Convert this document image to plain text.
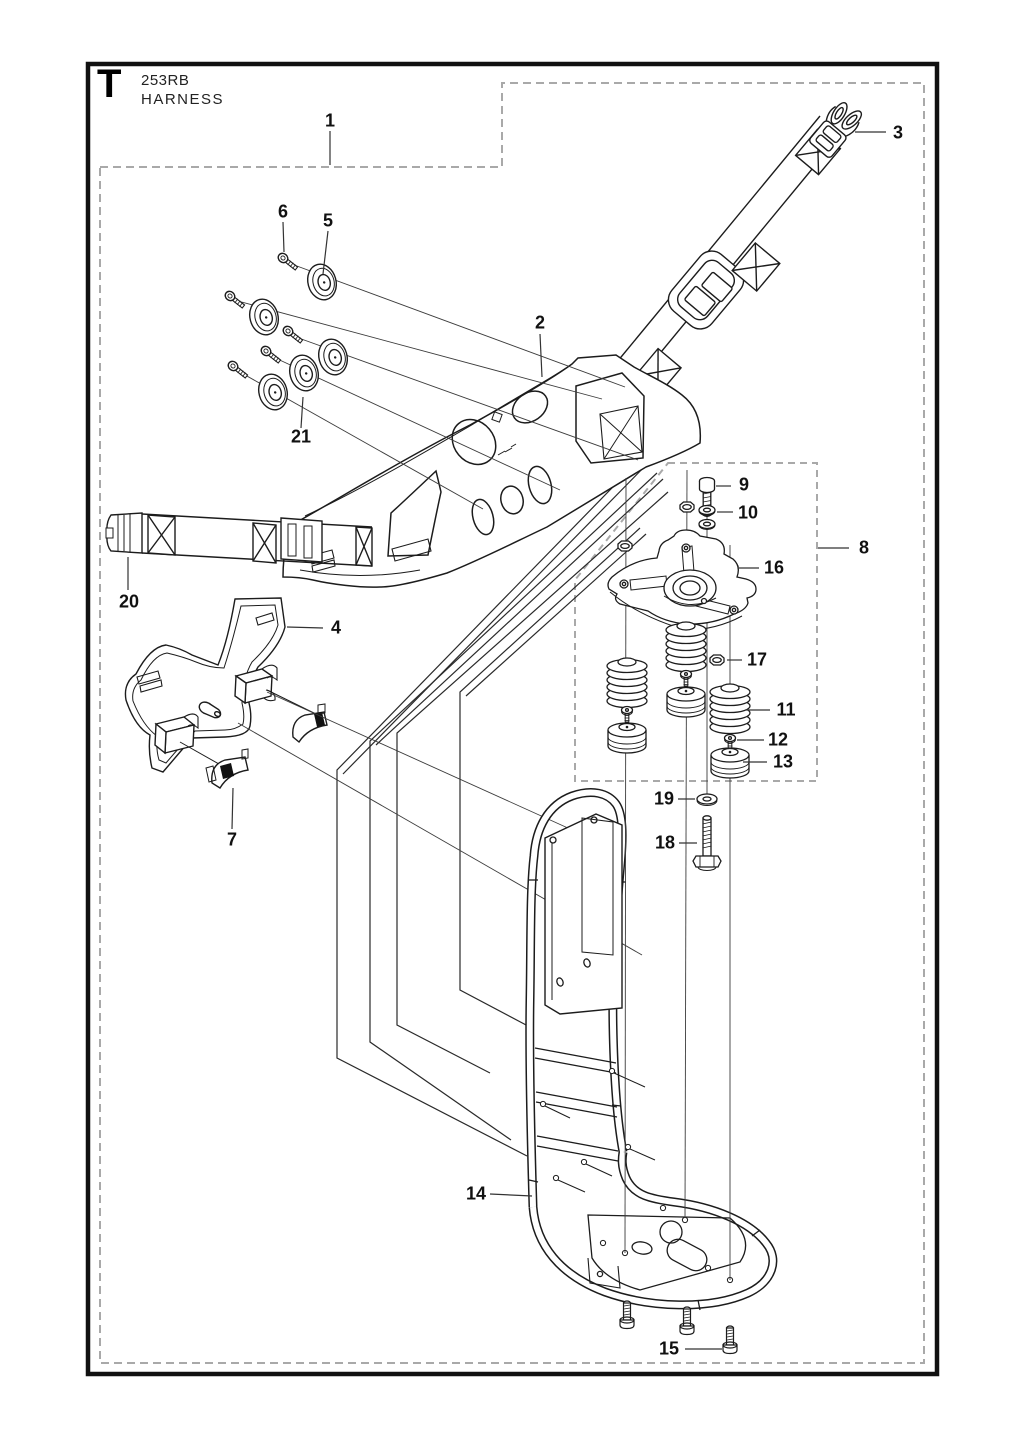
T 253RB
HARNESS
1
2
3
4
5
6
7
8
9
10
11
12
13
14
15
16
17
18
19
20
21
